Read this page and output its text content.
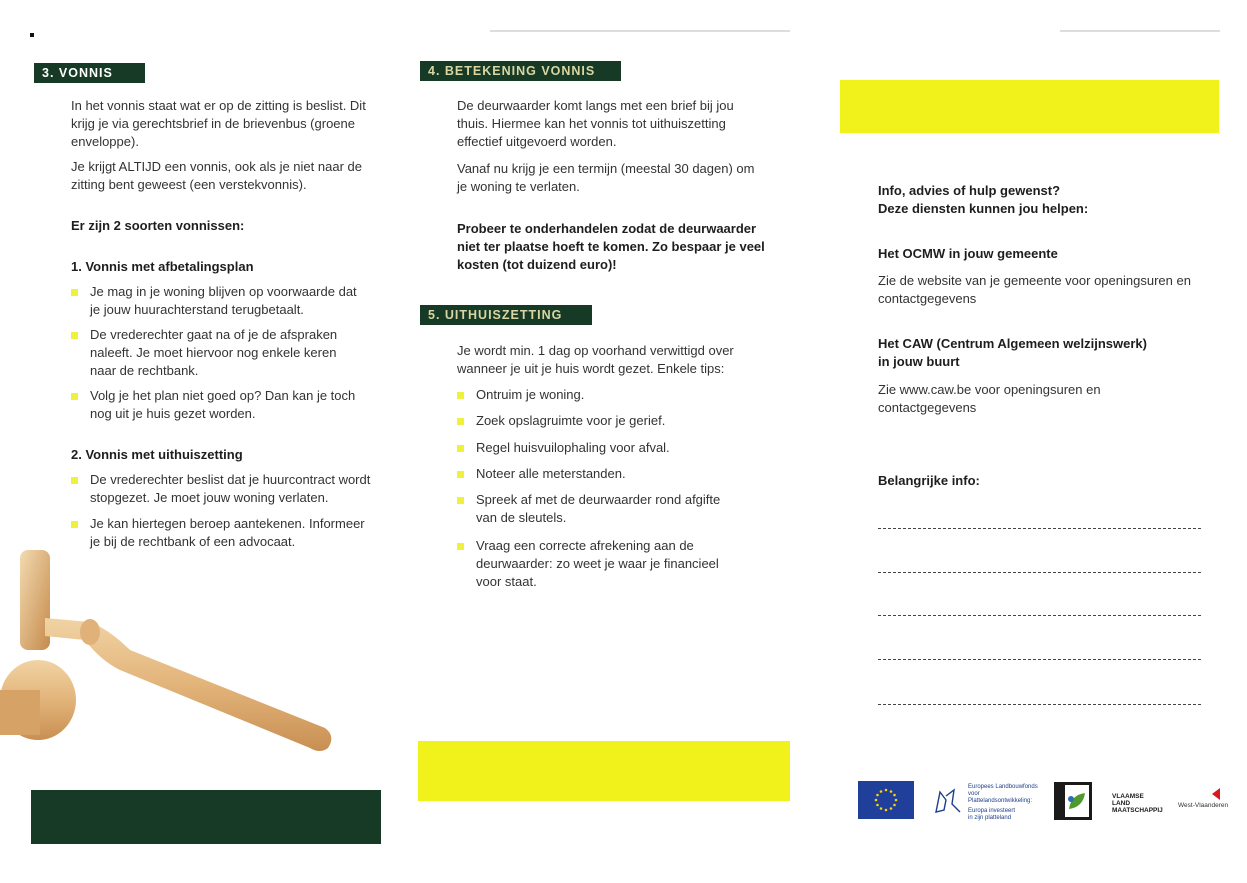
3. VONNIS
In het vonnis staat wat er op de zitting is beslist. Dit
krijg je via gerechtsbrief in de brievenbus (groene
enveloppe).
Je krijgt ALTIJD een vonnis, ook als je niet naar de
zitting bent geweest (een verstekvonnis).
Er zijn 2 soorten vonnissen:
1. Vonnis met afbetalingsplan
Je mag in je woning blijven op voorwaarde dat
je jouw huurachterstand terugbetaalt.
De vrederechter gaat na of je de afspraken
naleeft. Je moet hiervoor nog enkele keren
naar de rechtbank.
Volg je het plan niet goed op? Dan kan je toch
nog uit je huis gezet worden.
2. Vonnis met uithuiszetting
De vrederechter beslist dat je huurcontract wordt
stopgezet. Je moet jouw woning verlaten.
Je kan hiertegen beroep aantekenen. Informeer
je bij de rechtbank of een advocaat.
4. BETEKENING VONNIS
De deurwaarder komt langs met een brief bij jou
thuis. Hiermee kan het vonnis tot uithuiszetting
effectief uitgevoerd worden.
Vanaf nu krijg je een termijn (meestal 30 dagen) om
je woning te verlaten.
Probeer te onderhandelen zodat de deurwaarder
niet ter plaatse hoeft te komen. Zo bespaar je veel
kosten (tot duizend euro)!
5. UITHUISZETTING
Je wordt min. 1 dag op voorhand verwittigd over
wanneer je uit je huis wordt gezet. Enkele tips:
Ontruim je woning.
Zoek opslagruimte voor je gerief.
Regel huisvuilophaling voor afval.
Noteer alle meterstanden.
Spreek af met de deurwaarder rond afgifte
van de sleutels.
Vraag een correcte afrekening aan de
deurwaarder: zo weet je waar je financieel
voor staat.
Info, advies of hulp gewenst?
Deze diensten kunnen jou helpen:
Het OCMW in jouw gemeente
Zie de website van je gemeente voor openingsuren en
contactgegevens
Het CAW (Centrum Algemeen welzijnswerk)
in jouw buurt
Zie www.caw.be voor openingsuren en
contactgegevens
Belangrijke info:
Europees Landbouwfonds
voor Plattelandsontwikkeling:
Europa investeert
in zijn platteland
VLAAMSE
LAND
MAATSCHAPPIJ
West-Vlaanderen
